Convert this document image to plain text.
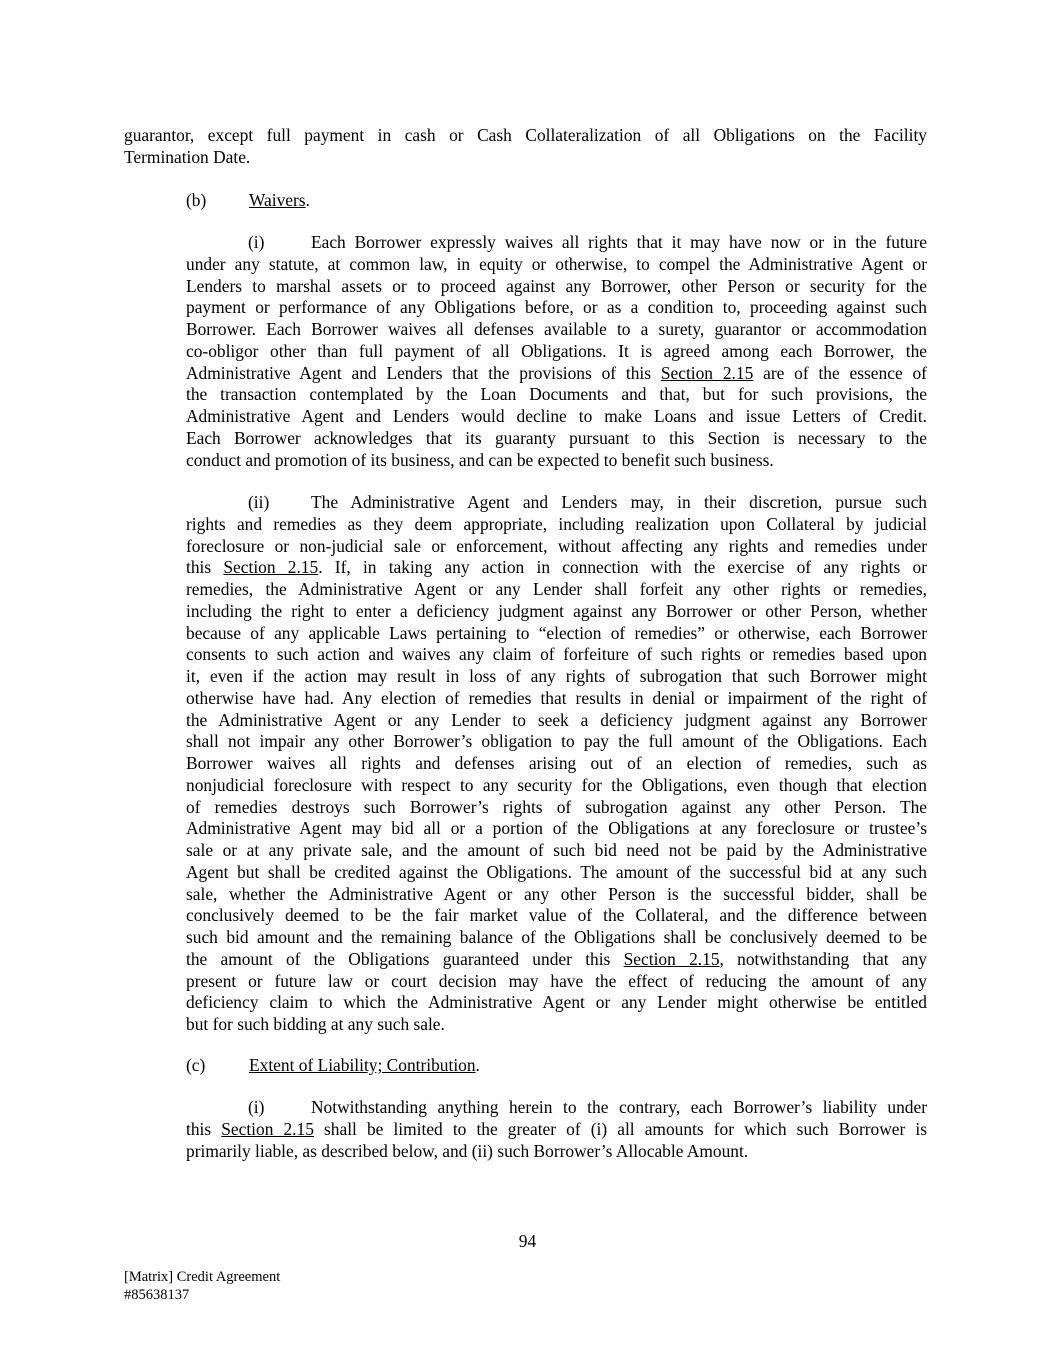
guarantor, except full payment in cash or Cash Collateralization of all Obligations on the Facility
Termination Date.
(b) Waivers.
(i)	Each Borrower expressly waives all rights that it may have now or in the future
under any statute, at common law, in equity or otherwise, to compel the Administrative Agent or
Lenders to marshal assets or to proceed against any Borrower, other Person or security for the
payment or performance of any Obligations before, or as a condition to, proceeding against such
Borrower. Each Borrower waives all defenses available to a surety, guarantor or accommodation
co-obligor other than full payment of all Obligations. It is agreed among each Borrower, the
Administrative Agent and Lenders that the provisions of this Section 2.15 are of the essence of
the transaction contemplated by the Loan Documents and that, but for such provisions, the
Administrative Agent and Lenders would decline to make Loans and issue Letters of Credit.
Each Borrower acknowledges that its guaranty pursuant to this Section is necessary to the
conduct and promotion of its business, and can be expected to benefit such business.
(ii) The Administrative Agent and Lenders may, in their discretion, pursue such
rights and remedies as they deem appropriate, including realization upon Collateral by judicial
foreclosure or non-judicial sale or enforcement, without affecting any rights and remedies under
this Section 2.15. If, in taking any action in connection with the exercise of any rights or
remedies, the Administrative Agent or any Lender shall forfeit any other rights or remedies,
including the right to enter a deficiency judgment against any Borrower or other Person, whether
because of any applicable Laws pertaining to “election of remedies” or otherwise, each Borrower
consents to such action and waives any claim of forfeiture of such rights or remedies based upon
it, even if the action may result in loss of any rights of subrogation that such Borrower might
otherwise have had. Any election of remedies that results in denial or impairment of the right of
the Administrative Agent or any Lender to seek a deficiency judgment against any Borrower
shall not impair any other Borrower’s obligation to pay the full amount of the Obligations. Each
Borrower waives all rights and defenses arising out of an election of remedies, such as
nonjudicial foreclosure with respect to any security for the Obligations, even though that election
of remedies destroys such Borrower’s rights of subrogation against any other Person. The
Administrative Agent may bid all or a portion of the Obligations at any foreclosure or trustee’s
sale or at any private sale, and the amount of such bid need not be paid by the Administrative
Agent but shall be credited against the Obligations. The amount of the successful bid at any such
sale, whether the Administrative Agent or any other Person is the successful bidder, shall be
conclusively deemed to be the fair market value of the Collateral, and the difference between
such bid amount and the remaining balance of the Obligations shall be conclusively deemed to be
the amount of the Obligations guaranteed under this Section 2.15, notwithstanding that any
present or future law or court decision may have the effect of reducing the amount of any
deficiency claim to which the Administrative Agent or any Lender might otherwise be entitled
but for such bidding at any such sale.
(c)	Extent of Liability; Contribution.
(i)	Notwithstanding anything herein to the contrary, each Borrower’s liability under
this Section 2.15 shall be limited to the greater of (i) all amounts for which such Borrower is
primarily liable, as described below, and (ii) such Borrower’s Allocable Amount.
94
[Matrix] Credit Agreement
#85638137
